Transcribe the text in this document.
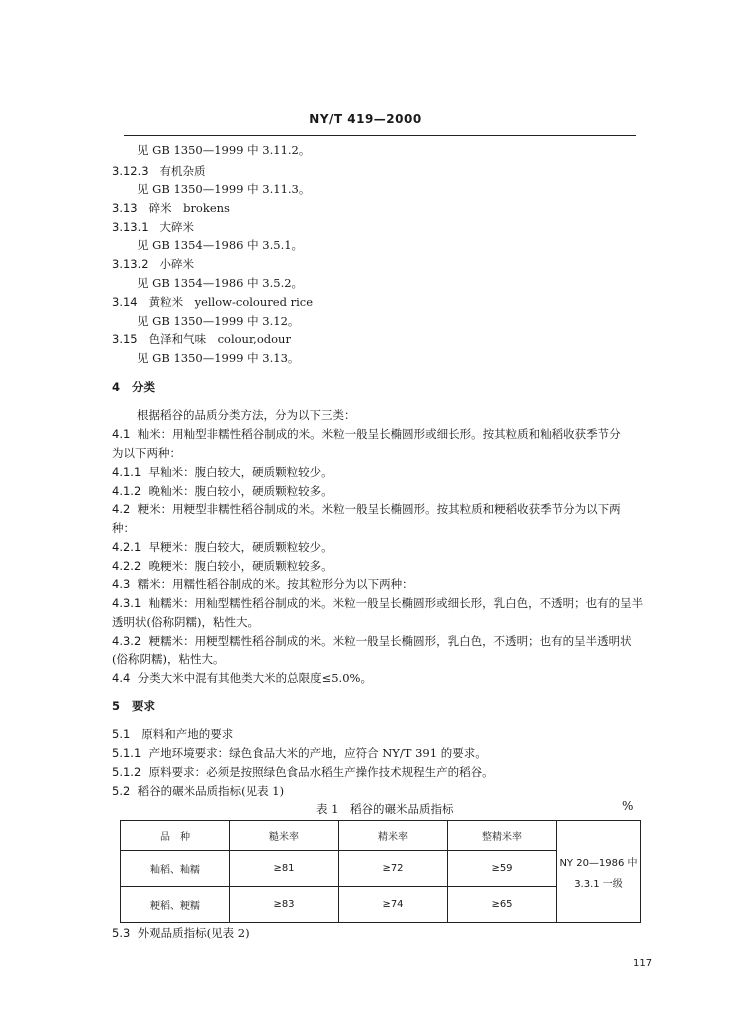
NY/T 419—2000
见 GB 1350—1999 中 3.11.2。
3.12.3 有机杂质
见 GB 1350—1999 中 3.11.3。
3.13 碎米　brokens
3.13.1 大碎米
见 GB 1354—1986 中 3.5.1。
3.13.2 小碎米
见 GB 1354—1986 中 3.5.2。
3.14 黄粒米　yellow-coloured rice
见 GB 1350—1999 中 3.12。
3.15 色泽和气味　colour,odour
见 GB 1350—1999 中 3.13。
4 分类
根据稻谷的品质分类方法，分为以下三类：
4.1 籼米：用籼型非糯性稻谷制成的米。米粒一般呈长椭圆形或细长形。按其粒质和籼稻收获季节分
为以下两种：
4.1.1 早籼米：腹白较大，硬质颗粒较少。
4.1.2 晚籼米：腹白较小，硬质颗粒较多。
4.2 粳米：用粳型非糯性稻谷制成的米。米粒一般呈长椭圆形。按其粒质和粳稻收获季节分为以下两
种：
4.2.1 早粳米：腹白较大，硬质颗粒较少。
4.2.2 晚粳米：腹白较小，硬质颗粒较多。
4.3 糯米：用糯性稻谷制成的米。按其粒形分为以下两种：
4.3.1 籼糯米：用籼型糯性稻谷制成的米。米粒一般呈长椭圆形或细长形，乳白色，不透明；也有的呈半
透明状(俗称阴糯)，粘性大。
4.3.2 粳糯米：用粳型糯性稻谷制成的米。米粒一般呈长椭圆形，乳白色，不透明；也有的呈半透明状
(俗称阴糯)，粘性大。
4.4 分类大米中混有其他类大米的总限度≤5.0%。
5 要求
5.1 原料和产地的要求
5.1.1 产地环境要求：绿色食品大米的产地，应符合 NY/T 391 的要求。
5.1.2 原料要求：必须是按照绿色食品水稻生产操作技术规程生产的稻谷。
5.2 稻谷的碾米品质指标(见表 1)
表 1　稻谷的碾米品质指标	%
品　种	糙米率	精米率	整精米率	NY 20—1986 中
3.3.1 一级

籼稻、籼糯	≥81	≥72	≥59	
粳稻、粳糯	≥83	≥74	≥65	
5.3 外观品质指标(见表 2)
117
